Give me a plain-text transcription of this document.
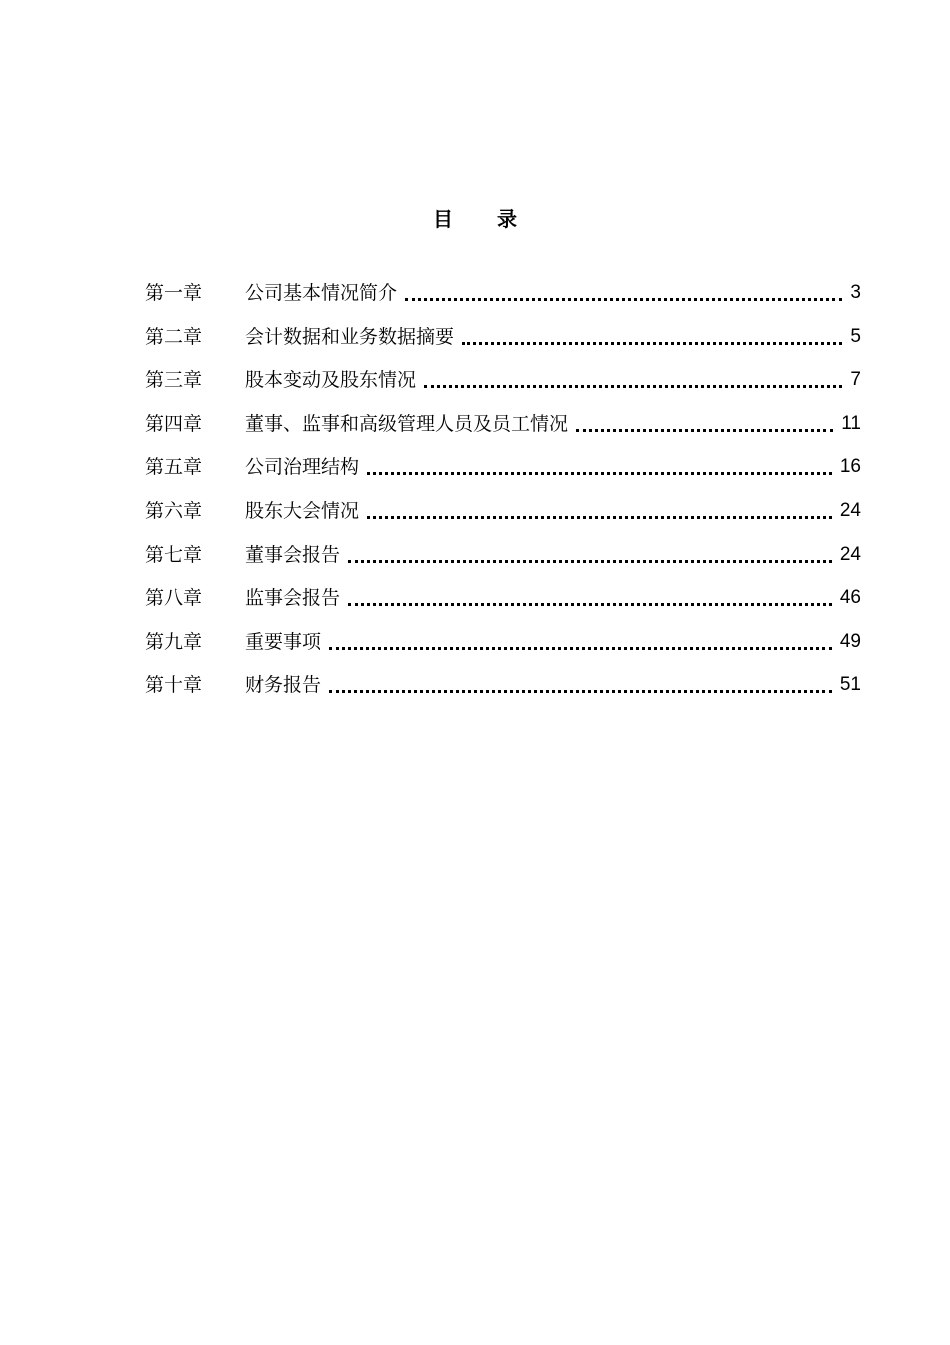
目 录
第一章	公司基本情况简介	3
第二章	会计数据和业务数据摘要	5
第三章	股本变动及股东情况	7
第四章	董事、监事和高级管理人员及员工情况	11
第五章	公司治理结构	16
第六章	股东大会情况	24
第七章	董事会报告	24
第八章	监事会报告	46
第九章	重要事项	49
第十章	财务报告	51
